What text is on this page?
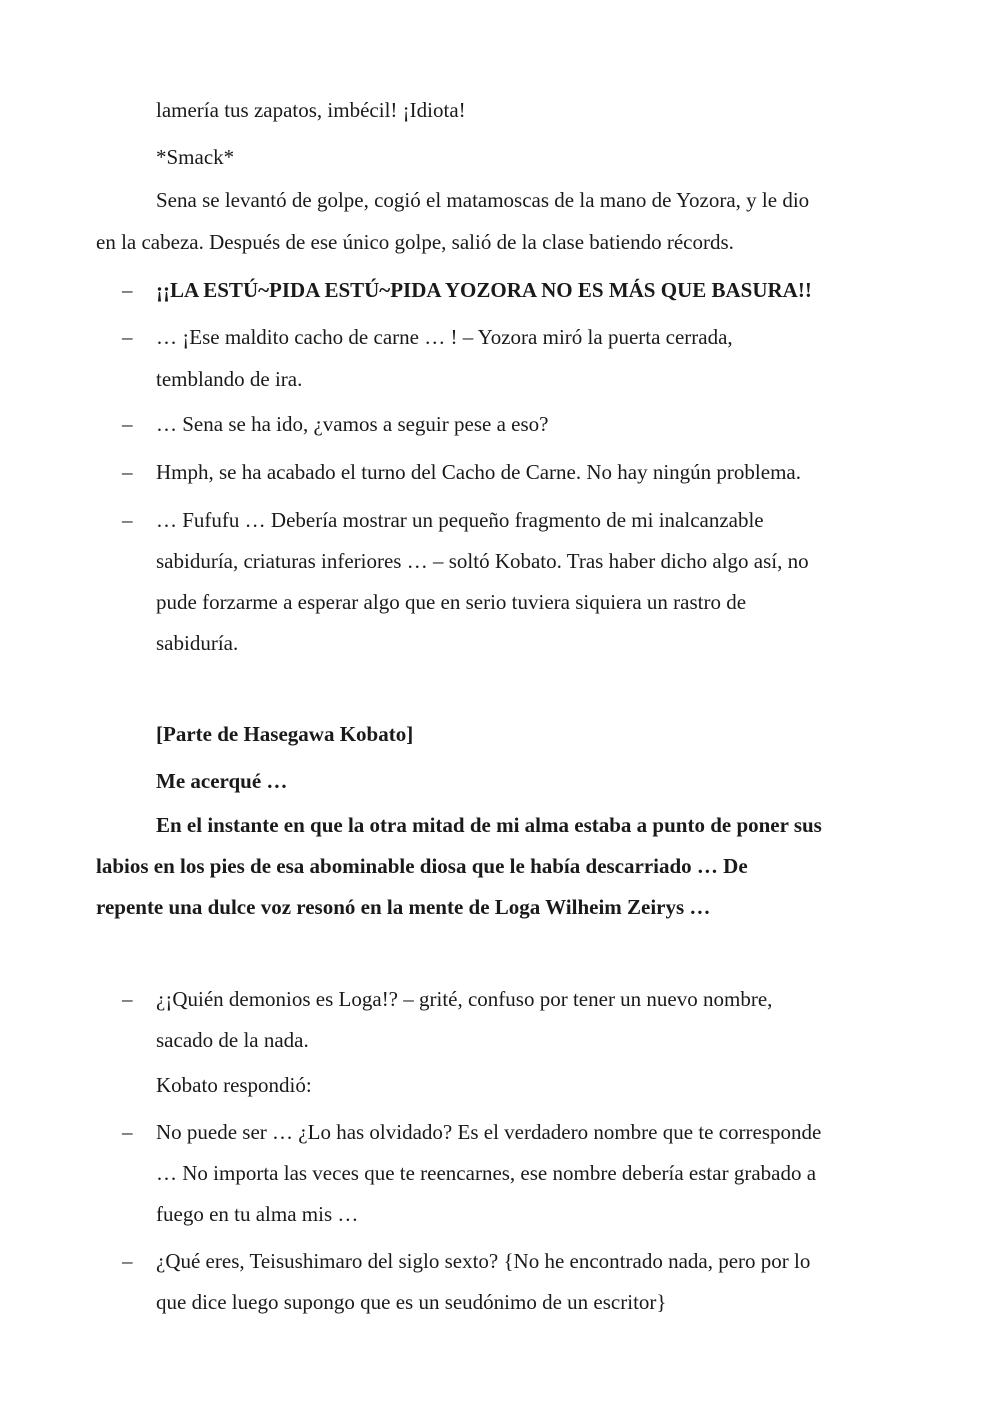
lamería tus zapatos, imbécil! ¡Idiota!
*Smack*
Sena se levantó de golpe, cogió el matamoscas de la mano de Yozora, y le dio
en la cabeza. Después de ese único golpe, salió de la clase batiendo récords.
– ¡¡LA ESTÚ~PIDA ESTÚ~PIDA YOZORA NO ES MÁS QUE BASURA!!
– … ¡Ese maldito cacho de carne … ! – Yozora miró la puerta cerrada,
temblando de ira.
– … Sena se ha ido, ¿vamos a seguir pese a eso?
– Hmph, se ha acabado el turno del Cacho de Carne. No hay ningún problema.
– … Fufufu … Debería mostrar un pequeño fragmento de mi inalcanzable
sabiduría, criaturas inferiores … – soltó Kobato. Tras haber dicho algo así, no
pude forzarme a esperar algo que en serio tuviera siquiera un rastro de
sabiduría.
[Parte de Hasegawa Kobato]
Me acerqué …
En el instante en que la otra mitad de mi alma estaba a punto de poner sus
labios en los pies de esa abominable diosa que le había descarriado … De
repente una dulce voz resonó en la mente de Loga Wilheim Zeirys …
– ¿¡Quién demonios es Loga!? – grité, confuso por tener un nuevo nombre,
sacado de la nada.
Kobato respondió:
– No puede ser … ¿Lo has olvidado? Es el verdadero nombre que te corresponde
… No importa las veces que te reencarnes, ese nombre debería estar grabado a
fuego en tu alma mis …
– ¿Qué eres, Teisushimaro del siglo sexto? {No he encontrado nada, pero por lo
que dice luego supongo que es un seudónimo de un escritor}
